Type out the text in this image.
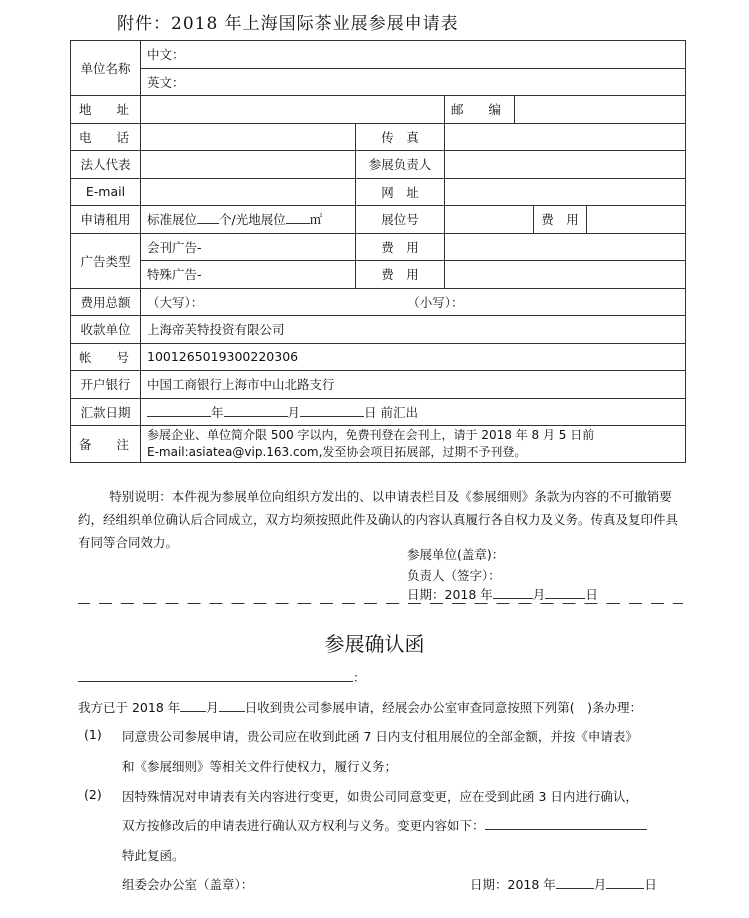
附件：2018 年上海国际茶业展参展申请表
单位名称	中文：					
	英文：					
地　　址			邮　　编			
电　　话		传　真				
法人代表		参展负责人				
E-mail		网　址				
申请租用	标准展位 个/光地展位 ㎡	展位号			费　用	
广告类型	会刊广告-	费　用				
	特殊广告-	费　用				
费用总额	（大写）： （小写）：					
收款单位	上海帝芙特投资有限公司					
帐　　号	1001265019300220306					
开户银行	中国工商银行上海市中山北路支行					
汇款日期	年 月 日 前汇出					
备　　注	参展企业、单位简介限 500 字以内，免费刊登在会刊上，请于 2018 年 8 月 5 日前
E-mail:asiatea@vip.163.com,发至协会项目拓展部，过期不予刊登。					
特别说明：本件视为参展单位向组织方发出的、以申请表栏目及《参展细则》条款为内容的不可撤销要约，经组织单位确认后合同成立，双方均须按照此件及确认的内容认真履行各自权力及义务。传真及复印件具有同等合同效力。
参展单位(盖章)：
负责人（签字）：
日期：2018 年	月	日
参展确认函
：
我方已于 2018 年 月 日收到贵公司参展申请，经展会办公室审查同意按照下列第(　)条办理：
(1) 同意贵公司参展申请，贵公司应在收到此函 7 日内支付租用展位的全部金额，并按《申请表》
和《参展细则》等相关文件行使权力，履行义务；
(2) 因特殊情况对申请表有关内容进行变更，如贵公司同意变更，应在受到此函 3 日内进行确认，
双方按修改后的申请表进行确认双方权利与义务。变更内容如下：
特此复函。
组委会办公室（盖章）：	日期：2018 年	月	日
